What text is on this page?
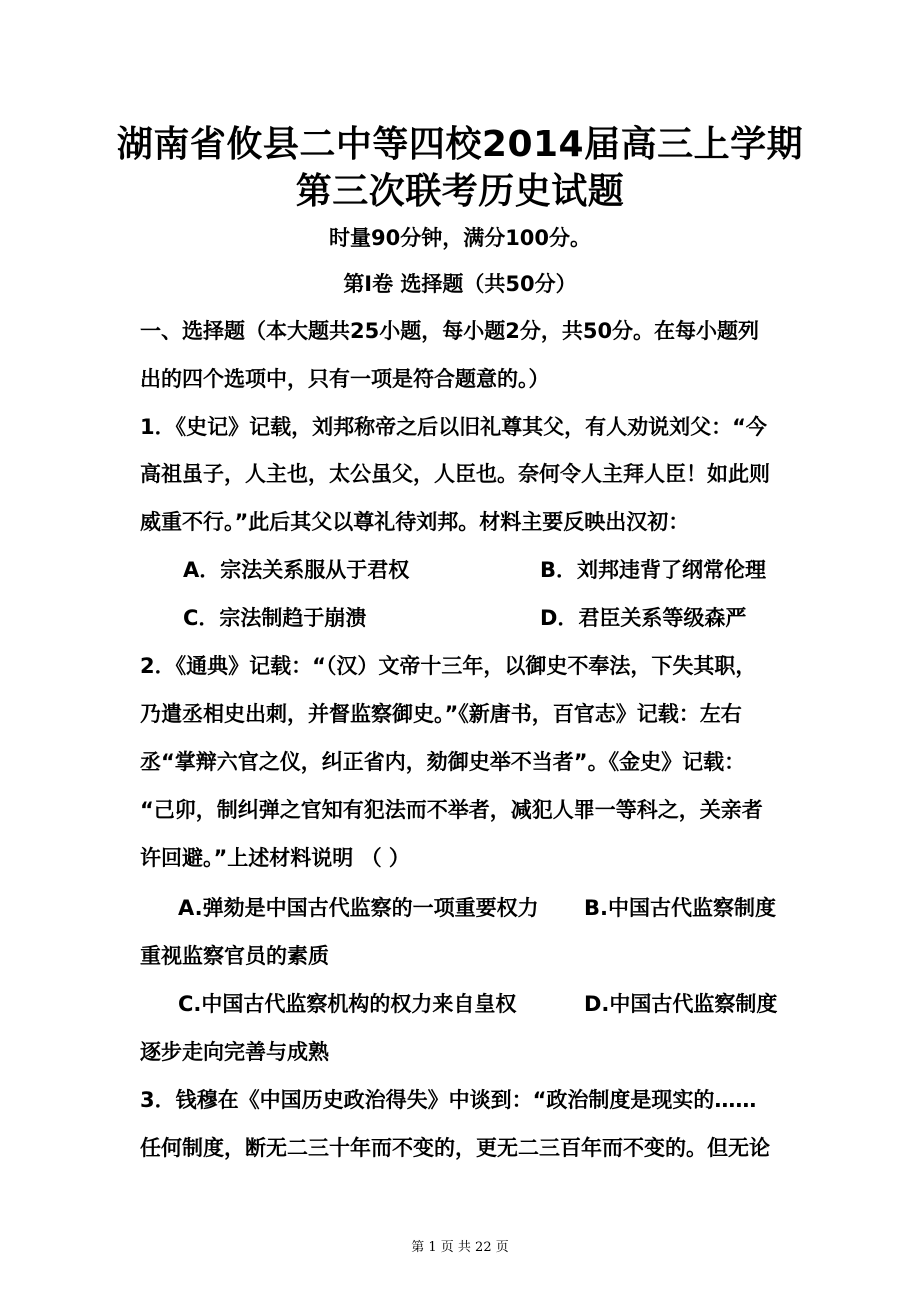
湖南省攸县二中等四校2014届高三上学期
第三次联考历史试题
时量90分钟，满分100分。
第Ⅰ卷 选择题（共50分）
一、选择题（本大题共25小题，每小题2分，共50分。在每小题列
出的四个选项中，只有一项是符合题意的。）
1．《史记》记载，刘邦称帝之后以旧礼尊其父，有人劝说刘父：“今
高祖虽子，人主也，太公虽父，人臣也。奈何令人主拜人臣！如此则
威重不行。”此后其父以尊礼待刘邦。材料主要反映出汉初：
A．宗法关系服从于君权	B．刘邦违背了纲常伦理
C．宗法制趋于崩溃	D．君臣关系等级森严
2．《通典》记载：“（汉）文帝十三年，以御史不奉法，下失其职，
乃遣丞相史出刺，并督监察御史。”《新唐书，百官志》记载：左右
丞“掌辩六官之仪，纠正省内，劾御史举不当者”。《金史》记载：
“己卯，制纠弹之官知有犯法而不举者，减犯人罪一等科之，关亲者
许回避。”上述材料说明 （ ）
A.弹劾是中国古代监察的一项重要权力 B.中国古代监察制度
重视监察官员的素质
C.中国古代监察机构的权力来自皇权	D.中国古代监察制度
逐步走向完善与成熟
3．钱穆在《中国历史政治得失》中谈到：“政治制度是现实的……
任何制度，断无二三十年而不变的，更无二三百年而不变的。但无论
第 1 页 共 22 页
